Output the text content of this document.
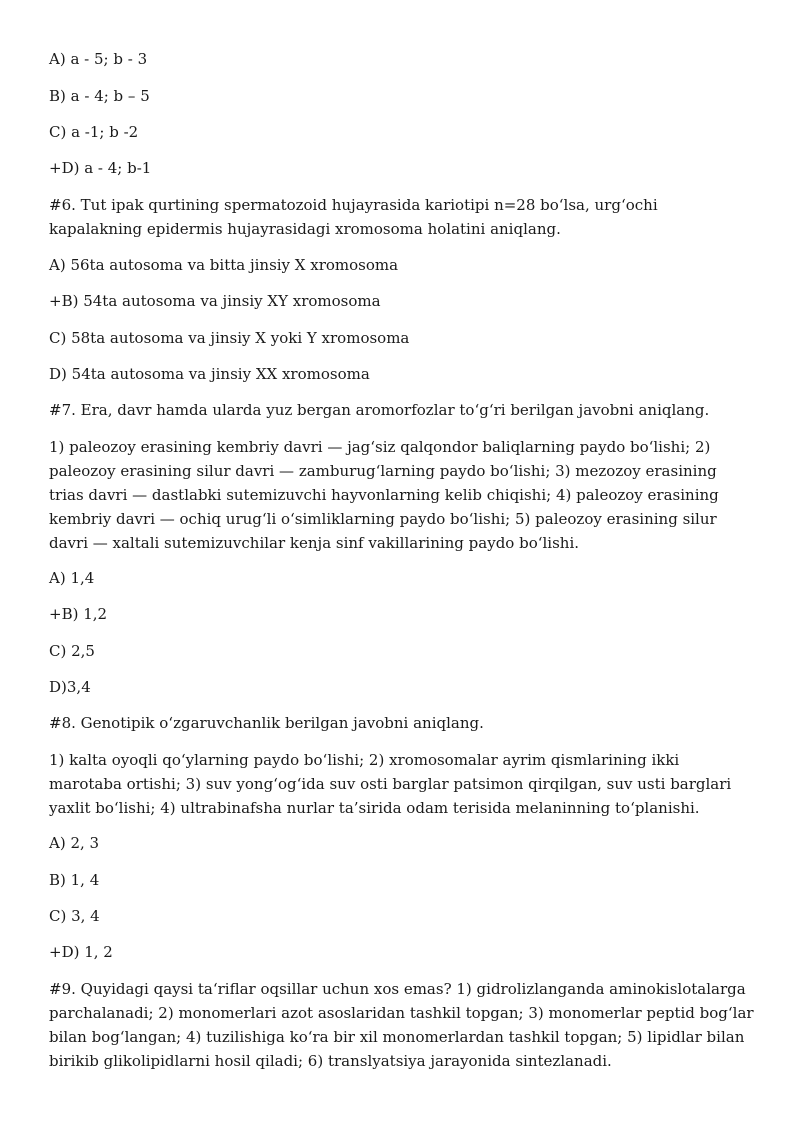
A) a - 5; b - 3

B) a - 4; b – 5

C) a -1; b -2

+D) a - 4; b-1

#6. Tut ipak qurtining spermatozoid hujayrasida kariotipi n=28 bo‘lsa, urg‘ochi kapalakning epidermis hujayrasidagi xromosoma holatini aniqlang.

A) 56ta autosoma va bitta jinsiy X xromosoma

+B) 54ta autosoma va jinsiy XY xromosoma

C) 58ta autosoma va jinsiy X yoki Y xromosoma

D) 54ta autosoma va jinsiy XX xromosoma

#7. Era, davr hamda ularda yuz bergan aromorfozlar to‘g‘ri berilgan javobni aniqlang.

1) paleozoy erasining kembriy davri — jag‘siz qalqondor baliqlarning paydo bo‘lishi; 2) paleozoy erasining silur davri — zamburug‘larning paydo bo‘lishi; 3) mezozoy erasining trias davri — dastlabki sutemizuvchi hayvonlarning kelib chiqishi; 4) paleozoy erasining kembriy davri — ochiq urug‘li o‘simliklarning paydo bo‘lishi; 5) paleozoy erasining silur davri — xaltali sutemizuvchilar kenja sinf vakillarining paydo bo‘lishi.

A) 1,4

+B) 1,2

C) 2,5

D)3,4

#8. Genotipik o‘zgaruvchanlik berilgan javobni aniqlang.

1) kalta oyoqli qo‘ylarning paydo bo‘lishi; 2) xromosomalar ayrim qismlarining ikki marotaba ortishi; 3) suv yong‘og‘ida suv osti barglar patsimon qirqilgan, suv usti barglari yaxlit bo‘lishi; 4) ultrabinafsha nurlar ta’sirida odam terisida melaninning to‘planishi.

A) 2, 3

B) 1, 4

C) 3, 4

+D) 1, 2

#9. Quyidagi qaysi ta‘riflar oqsillar uchun xos emas? 1) gidrolizlanganda aminokislotalarga parchalanadi; 2) monomerlari azot asoslaridan tashkil topgan; 3) monomerlar peptid bog‘lar bilan bog‘langan; 4) tuzilishiga ko‘ra bir xil monomerlardan tashkil topgan; 5) lipidlar bilan birikib glikolipidlarni hosil qiladi; 6) translyatsiya jarayonida sintezlanadi.
